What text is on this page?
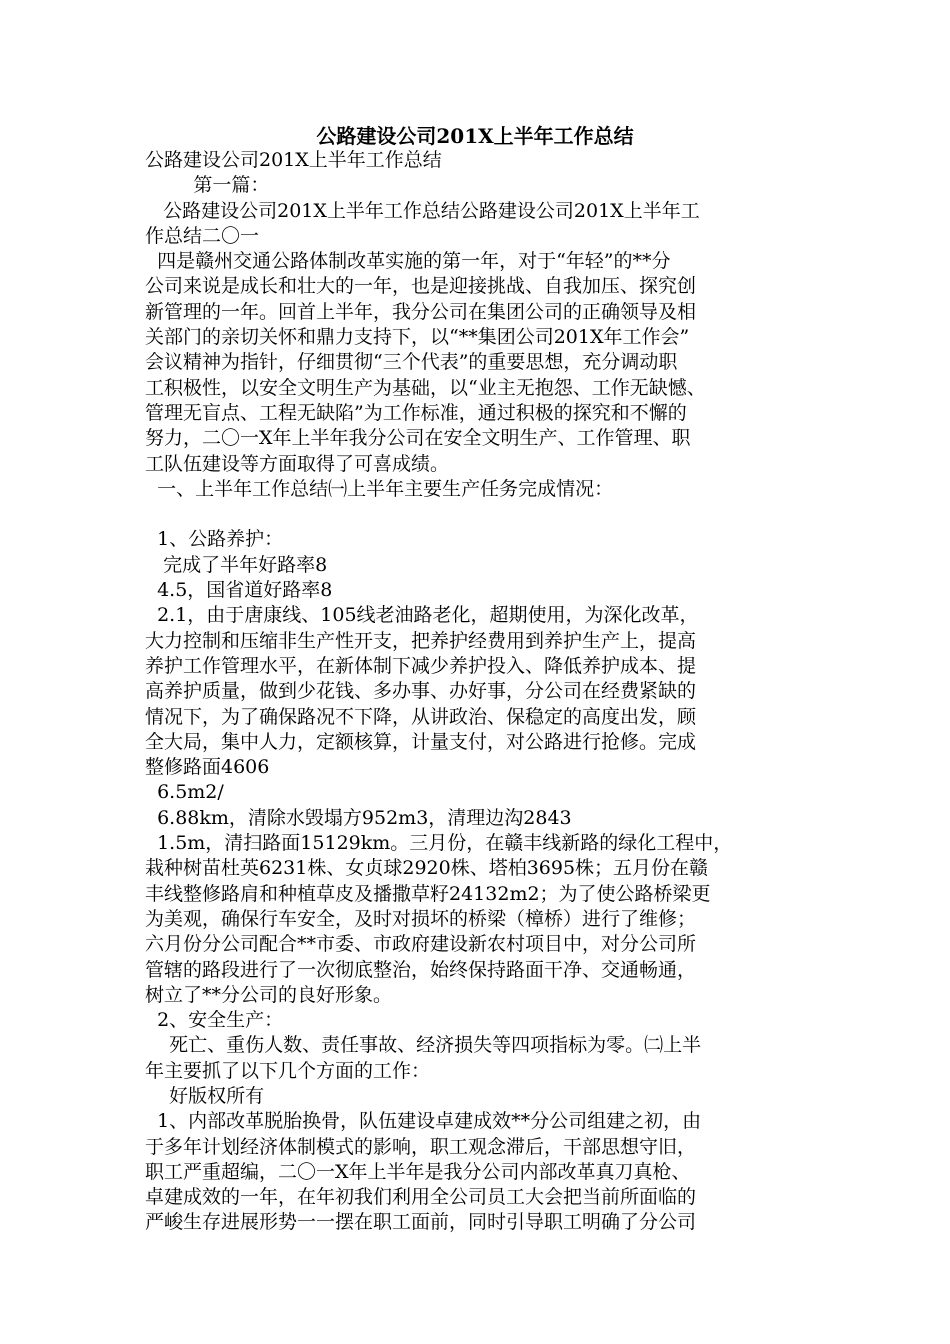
公路建设公司201X上半年工作总结
公路建设公司201X上半年工作总结
第一篇：
公路建设公司201X上半年工作总结公路建设公司201X上半年工
作总结二〇一
四是赣州交通公路体制改革实施的第一年，对于“年轻”的**分
公司来说是成长和壮大的一年，也是迎接挑战、自我加压、探究创
新管理的一年。回首上半年，我分公司在集团公司的正确领导及相
关部门的亲切关怀和鼎力支持下，以“**集团公司201X年工作会”
会议精神为指针，仔细贯彻“三个代表”的重要思想，充分调动职
工积极性，以安全文明生产为基础，以“业主无抱怨、工作无缺憾、
管理无盲点、工程无缺陷”为工作标准，通过积极的探究和不懈的
努力，二〇一X年上半年我分公司在安全文明生产、工作管理、职
工队伍建设等方面取得了可喜成绩。
一、上半年工作总结㈠上半年主要生产任务完成情况：
1、公路养护：
完成了半年好路率8
4.5，国省道好路率8
2.1，由于唐康线、105线老油路老化，超期使用，为深化改革，
大力控制和压缩非生产性开支，把养护经费用到养护生产上，提高
养护工作管理水平，在新体制下减少养护投入、降低养护成本、提
高养护质量，做到少花钱、多办事、办好事，分公司在经费紧缺的
情况下，为了确保路况不下降，从讲政治、保稳定的高度出发，顾
全大局，集中人力，定额核算，计量支付，对公路进行抢修。完成
整修路面4606
6.5m2/
6.88km，清除水毁塌方952m3，清理边沟2843
1.5m，清扫路面15129km。三月份，在赣丰线新路的绿化工程中，
栽种树苗杜英6231株、女贞球2920株、塔柏3695株；五月份在赣
丰线整修路肩和种植草皮及播撒草籽24132m2；为了使公路桥梁更
为美观，确保行车安全，及时对损坏的桥梁（樟桥）进行了维修；
六月份分公司配合**市委、市政府建设新农村项目中，对分公司所
管辖的路段进行了一次彻底整治，始终保持路面干净、交通畅通，
树立了**分公司的良好形象。
2、安全生产：
死亡、重伤人数、责任事故、经济损失等四项指标为零。㈡上半
年主要抓了以下几个方面的工作：
好版权所有
1、内部改革脱胎换骨，队伍建设卓建成效**分公司组建之初，由
于多年计划经济体制模式的影响，职工观念滞后，干部思想守旧，
职工严重超编，二〇一X年上半年是我分公司内部改革真刀真枪、
卓建成效的一年，在年初我们利用全公司员工大会把当前所面临的
严峻生存进展形势一一摆在职工面前，同时引导职工明确了分公司
